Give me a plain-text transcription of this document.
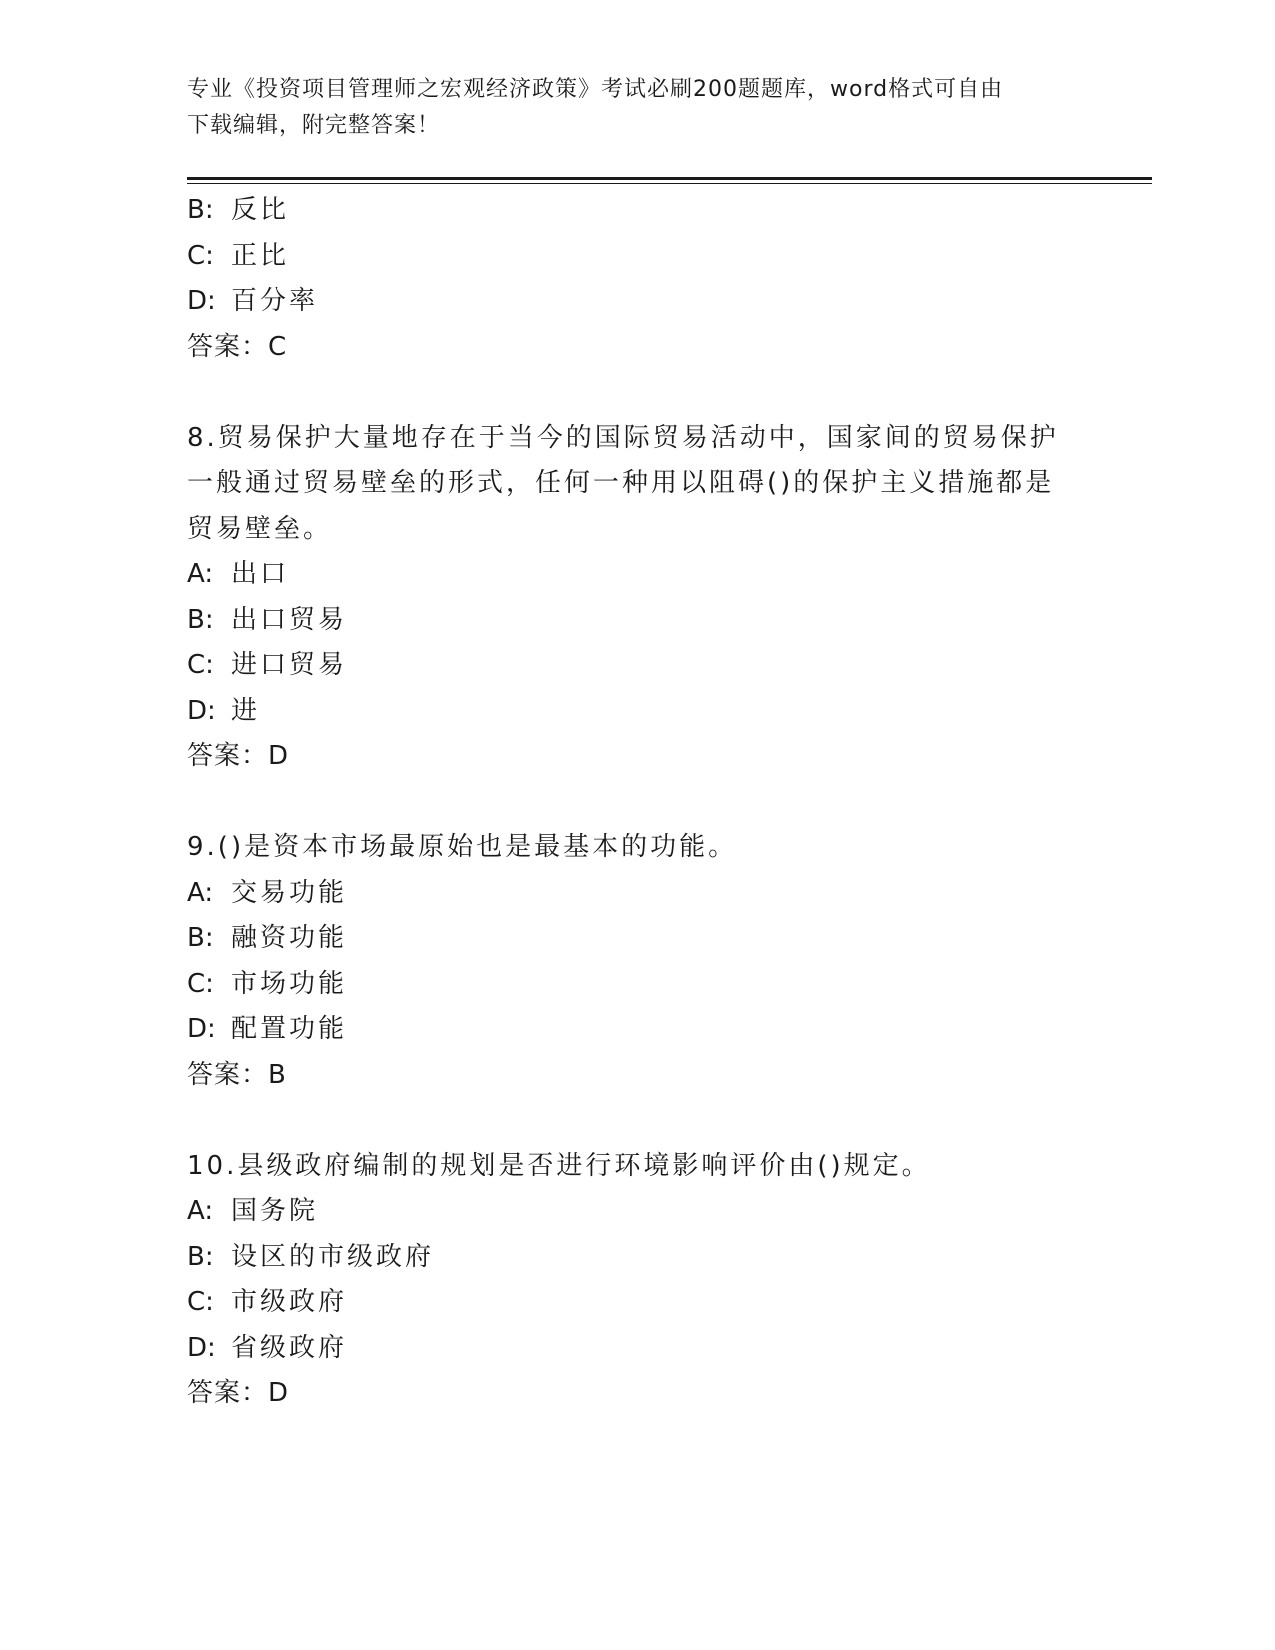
专业《投资项目管理师之宏观经济政策》考试必刷200题题库，word格式可自由
下载编辑，附完整答案！
B: 反比
C: 正比
D: 百分率
答案：C
8.贸易保护大量地存在于当今的国际贸易活动中，国家间的贸易保护
一般通过贸易壁垒的形式，任何一种用以阻碍()的保护主义措施都是
贸易壁垒。
A: 出口
B: 出口贸易
C: 进口贸易
D: 进
答案：D
9.()是资本市场最原始也是最基本的功能。
A: 交易功能
B: 融资功能
C: 市场功能
D: 配置功能
答案：B
10.县级政府编制的规划是否进行环境影响评价由()规定。
A: 国务院
B: 设区的市级政府
C: 市级政府
D: 省级政府
答案：D
